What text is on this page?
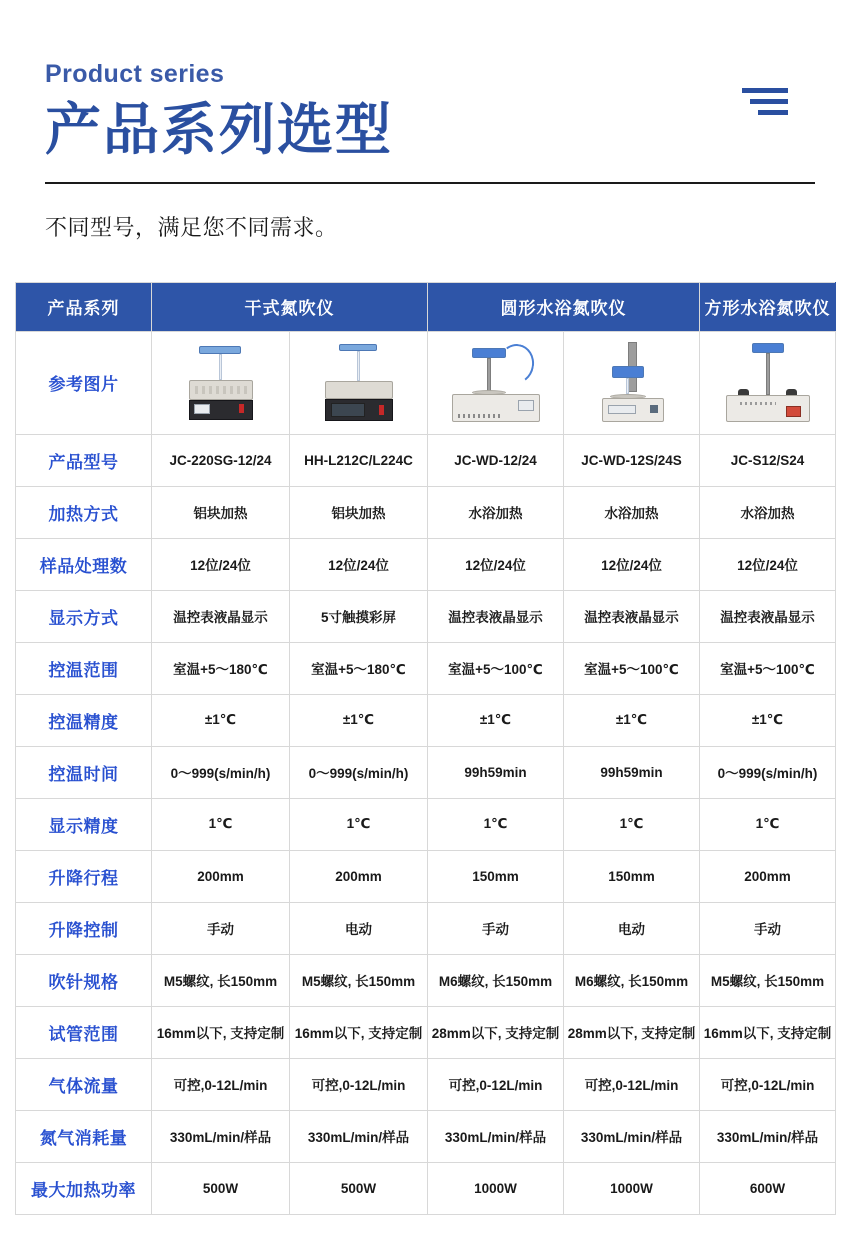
Product series
产品系列选型
不同型号，满足您不同需求。
产品系列	干式氮吹仪		圆形水浴氮吹仪		方形水浴氮吹仪
参考图片	

产品型号	JC-220SG-12/24	HH-L212C/L224C	JC-WD-12/24	JC-WD-12S/24S	JC-S12/S24
加热方式	铝块加热	铝块加热	水浴加热	水浴加热	水浴加热
样品处理数	12位/24位	12位/24位	12位/24位	12位/24位	12位/24位
显示方式	温控表液晶显示	5寸触摸彩屏	温控表液晶显示	温控表液晶显示	温控表液晶显示
控温范围	室温+5～180℃	室温+5～180℃	室温+5～100℃	室温+5～100℃	室温+5～100℃
控温精度	±1℃	±1℃	±1℃	±1℃	±1℃
控温时间	0～999(s/min/h)	0～999(s/min/h)	99h59min	99h59min	0～999(s/min/h)
显示精度	1℃	1℃	1℃	1℃	1℃
升降行程	200mm	200mm	150mm	150mm	200mm
升降控制	手动	电动	手动	电动	手动
吹针规格	M5螺纹, 长150mm	M5螺纹, 长150mm	M6螺纹, 长150mm	M6螺纹, 长150mm	M5螺纹, 长150mm
试管范围	16mm以下, 支持定制	16mm以下, 支持定制	28mm以下, 支持定制	28mm以下, 支持定制	16mm以下, 支持定制
气体流量	可控,0-12L/min	可控,0-12L/min	可控,0-12L/min	可控,0-12L/min	可控,0-12L/min
氮气消耗量	330mL/min/样品	330mL/min/样品	330mL/min/样品	330mL/min/样品	330mL/min/样品
最大加热功率	500W	500W	1000W	1000W	600W
